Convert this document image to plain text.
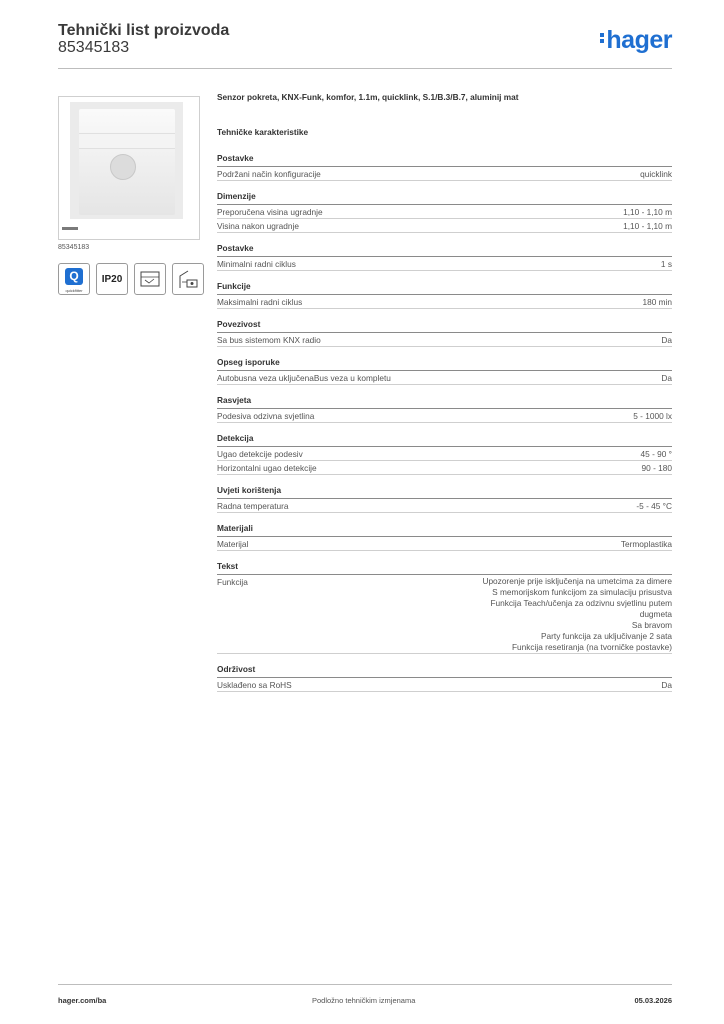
Tehnički list proizvoda
85345183	hager
85345183
Q
quickfitter
IP20
Senzor pokreta, KNX-Funk, komfor, 1.1m, quicklink, S.1/B.3/B.7, aluminij mat
Tehničke karakteristike
Postavke
Podržani način konfiguracije	quicklink
Dimenzije
Preporučena visina ugradnje	1,10 - 1,10 m
Visina nakon ugradnje	1,10 - 1,10 m
Postavke
Minimalni radni ciklus	1 s
Funkcije
Maksimalni radni ciklus	180 min
Povezivost
Sa bus sistemom KNX radio	Da
Opseg isporuke
Autobusna veza uključenaBus veza u kompletu	Da
Rasvjeta
Podesiva odzivna svjetlina	5 - 1000 lx
Detekcija
Ugao detekcije podesiv	45 - 90 °
Horizontalni ugao detekcije	90 - 180
Uvjeti korištenja
Radna temperatura	-5 - 45 °C
Materijali
Materijal	Termoplastika
Tekst
Funkcija	Upozorenje prije isključenja na umetcima za dimere
S memorijskom funkcijom za simulaciju prisustva
Funkcija Teach/učenja za odzivnu svjetlinu putem
dugmeta
Sa bravom
Party funkcija za uključivanje 2 sata
Funkcija resetiranja (na tvorničke postavke)
Održivost
Usklađeno sa RoHS	Da
hager.com/ba	Podložno tehničkim izmjenama	05.03.2026
